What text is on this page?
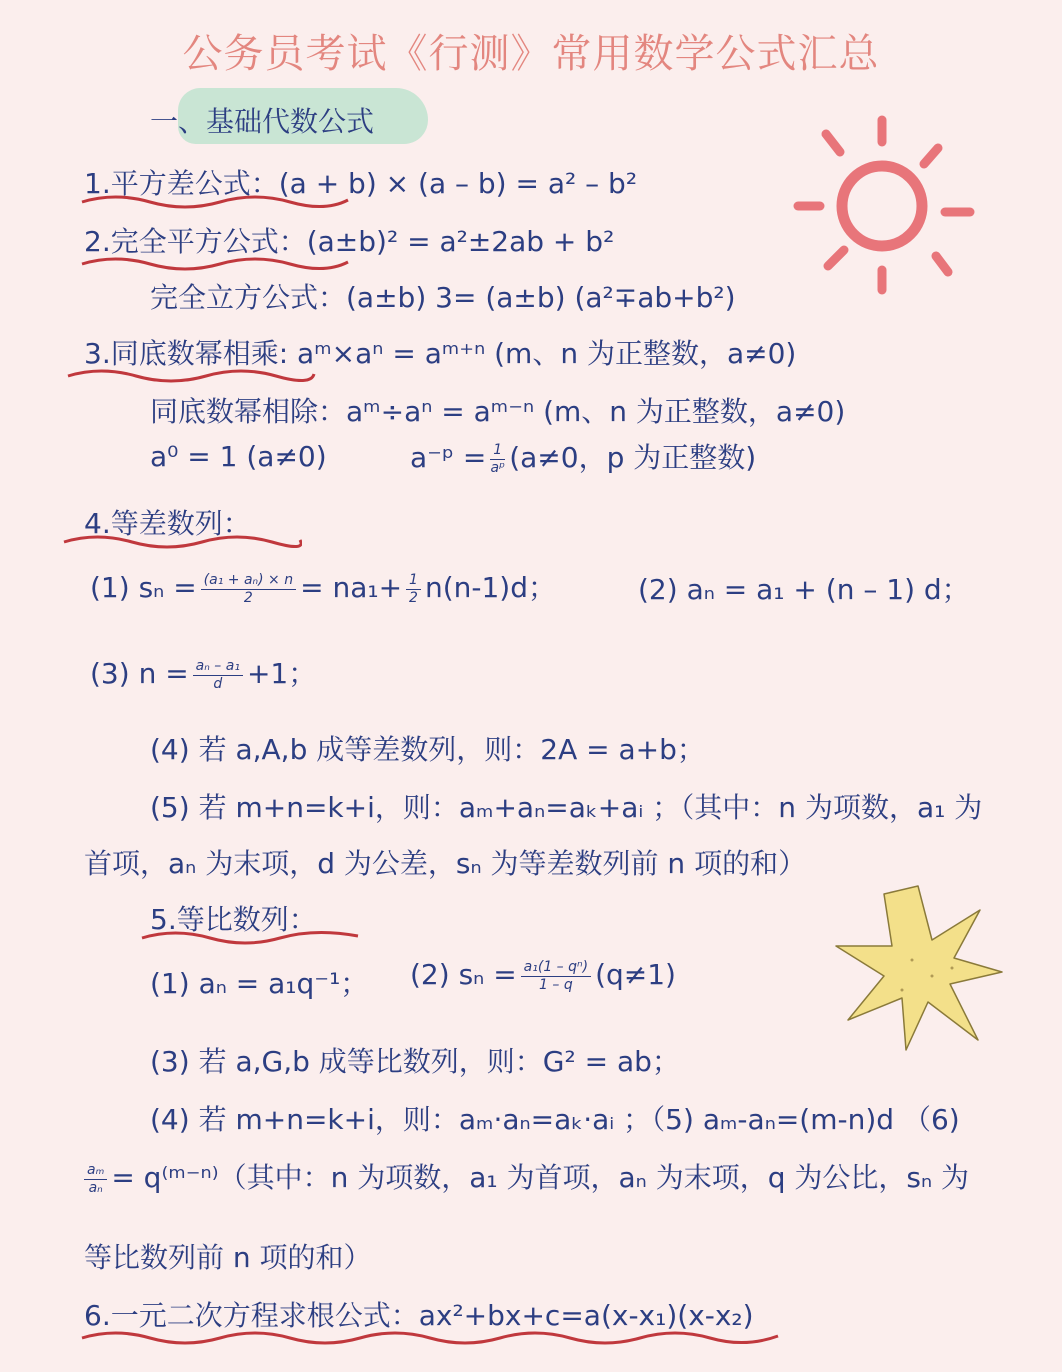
公务员考试《行测》常用数学公式汇总
一、基础代数公式
1.平方差公式：(a + b) × (a – b) = a² – b²
2.完全平方公式：(a±b)² = a²±2ab + b²
完全立方公式：(a±b) 3= (a±b) (a²∓ab+b²)
3.同底数幂相乘: aᵐ×aⁿ = aᵐ⁺ⁿ (m、n 为正整数，a≠0)
同底数幂相除：aᵐ÷aⁿ = aᵐ⁻ⁿ (m、n 为正整数，a≠0)
a⁰ = 1 (a≠0)	a⁻ᵖ = $\frac{1}{\text{aᵖ}} (a\ne 0$，p 为正整数)
4.等差数列：
(1) $s_n = \frac{\text{(a₁ + aₙ) × n}}{2} = na_1+ \frac{1}{2} n(n-1)d$；	(2) aₙ = a₁ + (n – 1) d；
(3) $n = \frac{\text{aₙ – a₁}}{d} +1$；
(4) 若 a,A,b 成等差数列，则：2A = a+b；
(5) 若 m+n=k+i，则：aₘ+aₙ=aₖ+aᵢ ；（其中：n 为项数，a₁ 为
首项，aₙ 为末项，d 为公差，sₙ 为等差数列前 n 项的和）
5.等比数列：
(1) aₙ = a₁q⁻¹； (2) $s_n = \frac{\text{a₁(1 – qⁿ)}}{1 - q} (q\ne 1)$
(3) 若 a,G,b 成等比数列，则：G² = ab；
(4) 若 m+n=k+i，则：aₘ·aₙ=aₖ·aᵢ ；（5) aₘ-aₙ=(m-n)d （6)
$\frac{\text{aₘ}}{\text{aₙ}}$ = q⁽ᵐ⁻ⁿ⁾（其中：n 为项数，a₁ 为首项，aₙ 为末项，q 为公比，sₙ 为
等比数列前 n 项的和）
6.一元二次方程求根公式：ax²+bx+c=a(x-x₁)(x-x₂)
